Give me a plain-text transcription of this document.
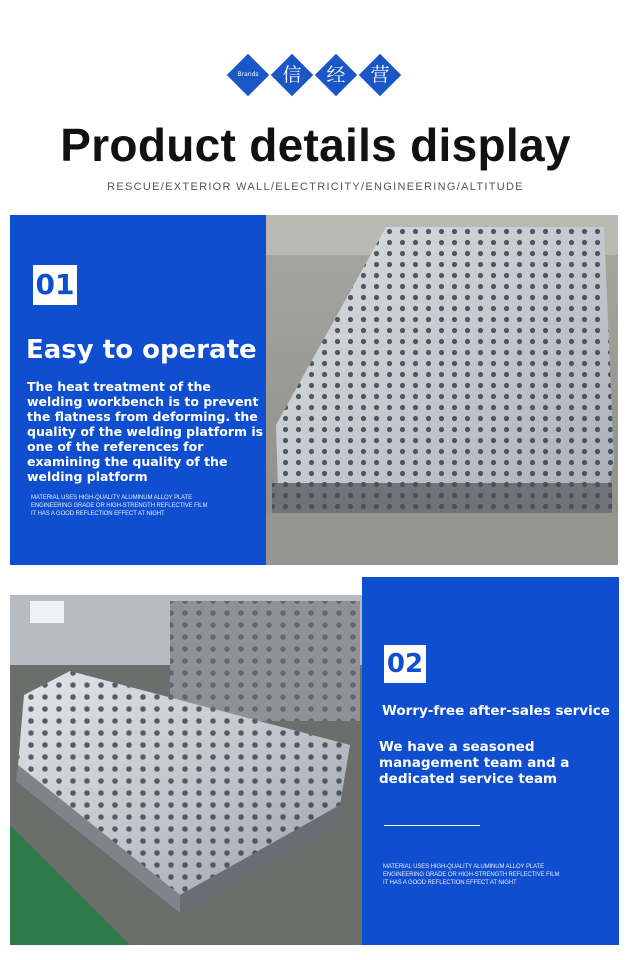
Brands	信	经	营
Product details display
RESCUE/EXTERIOR WALL/ELECTRICITY/ENGINEERING/ALTITUDE
01
Easy to operate
The heat treatment of the welding workbench is to prevent the flatness from deforming. the quality of the welding platform is one of the references for examining the quality of the welding platform
MATERIAL USES HIGH-QUALITY ALUMINUM ALLOY PLATE
ENGINEERING GRADE OR HIGH-STRENGTH REFLECTIVE FILM
IT HAS A GOOD REFLECTION EFFECT AT NIGHT
02
Worry-free after-sales service
We have a seasoned management team and a dedicated service team
MATERIAL USES HIGH-QUALITY ALUMINUM ALLOY PLATE
ENGINEERING GRADE OR HIGH-STRENGTH REFLECTIVE FILM
IT HAS A GOOD REFLECTION EFFECT AT NIGHT
